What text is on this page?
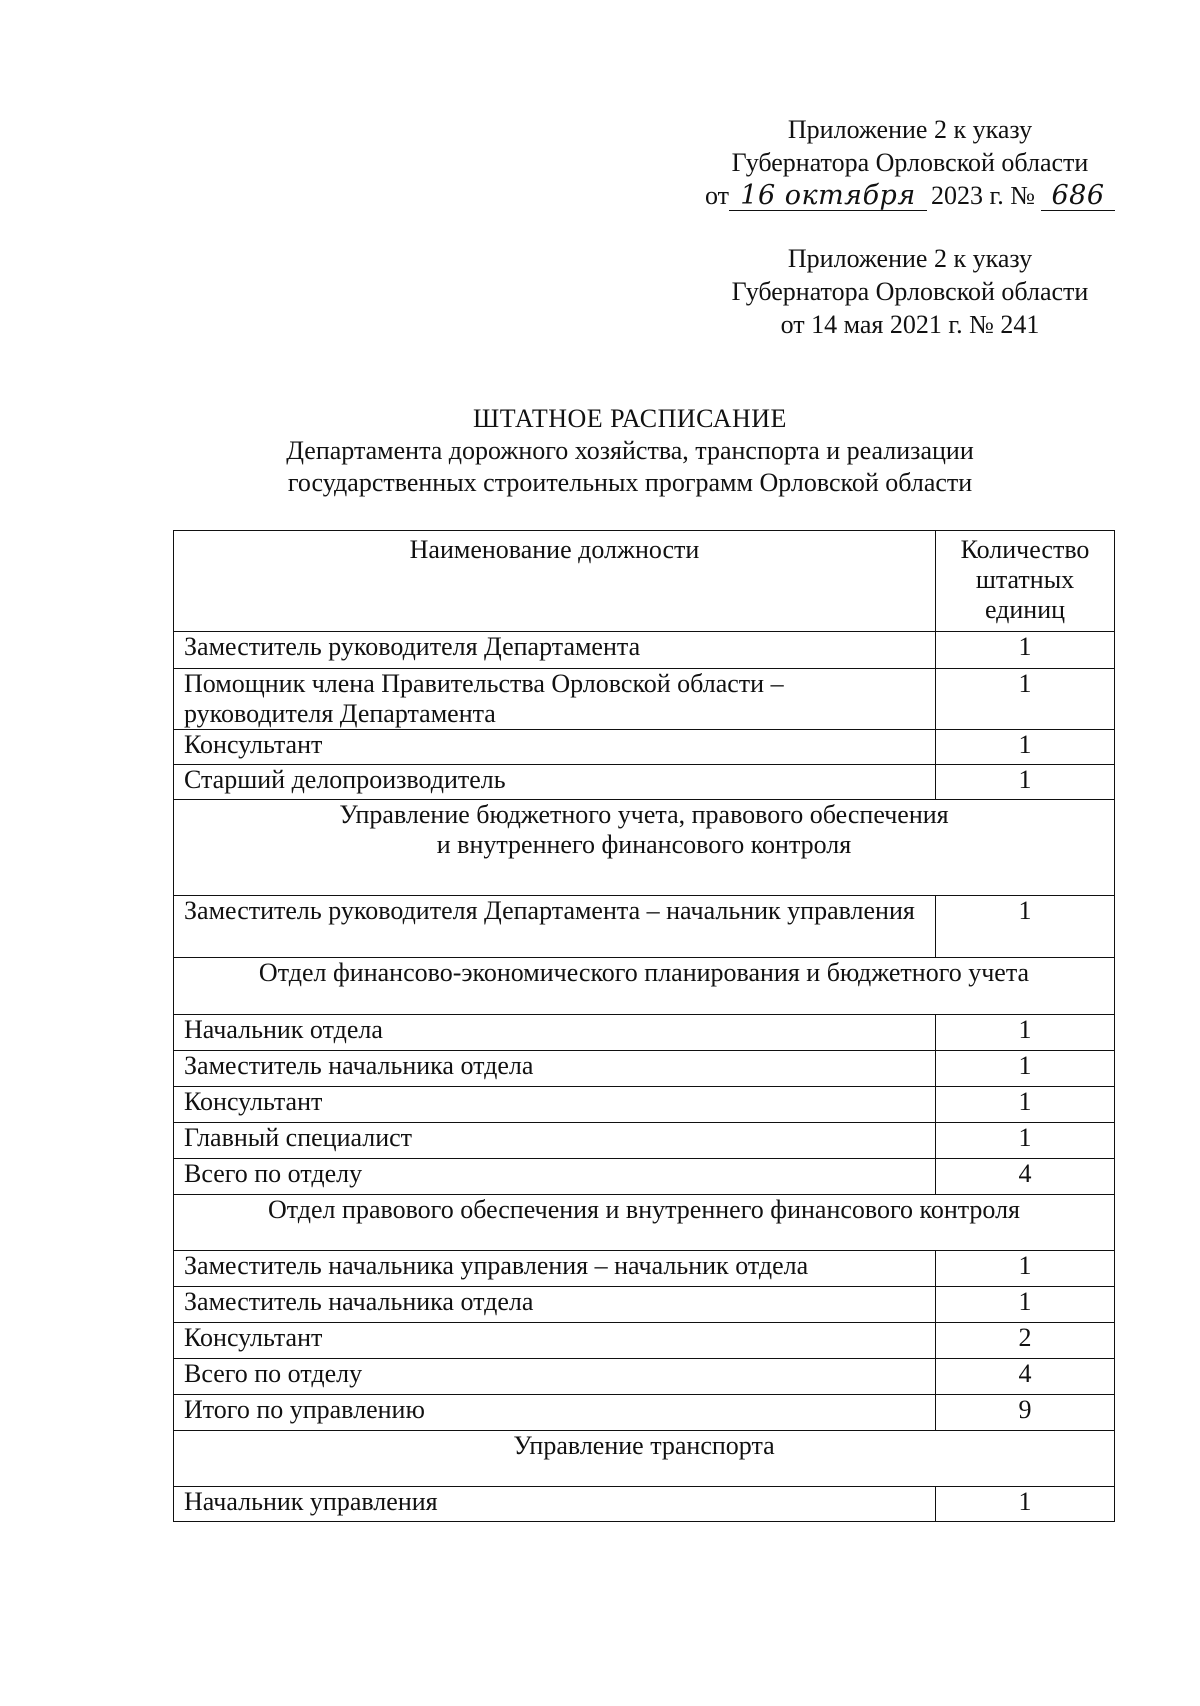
Приложение 2 к указу
Губернатора Орловской области
от 16 октября 2023 г. № 686
Приложение 2 к указу
Губернатора Орловской области
от 14 мая 2021 г. № 241
ШТАТНОЕ РАСПИСАНИЕ
Департамента дорожного хозяйства, транспорта и реализации
государственных строительных программ Орловской области
Наименование должности	Количество
штатных
единиц

Заместитель руководителя Департамента	1
Помощник члена Правительства Орловской области – руководителя Департамента	1
Консультант	1
Старший делопроизводитель	1

Управление бюджетного учета, правового обеспечения
и внутреннего финансового контроля	

Заместитель руководителя Департамента – начальник управления	1

Отдел финансово-экономического планирования и бюджетного учета	

Начальник отдела	1
Заместитель начальника отдела	1
Консультант	1
Главный специалист	1
Всего по отделу	4

Отдел правового обеспечения и внутреннего финансового контроля	

Заместитель начальника управления – начальник отдела	1
Заместитель начальника отдела	1
Консультант	2
Всего по отделу	4
Итого по управлению	9

Управление транспорта	

Начальник управления	1
